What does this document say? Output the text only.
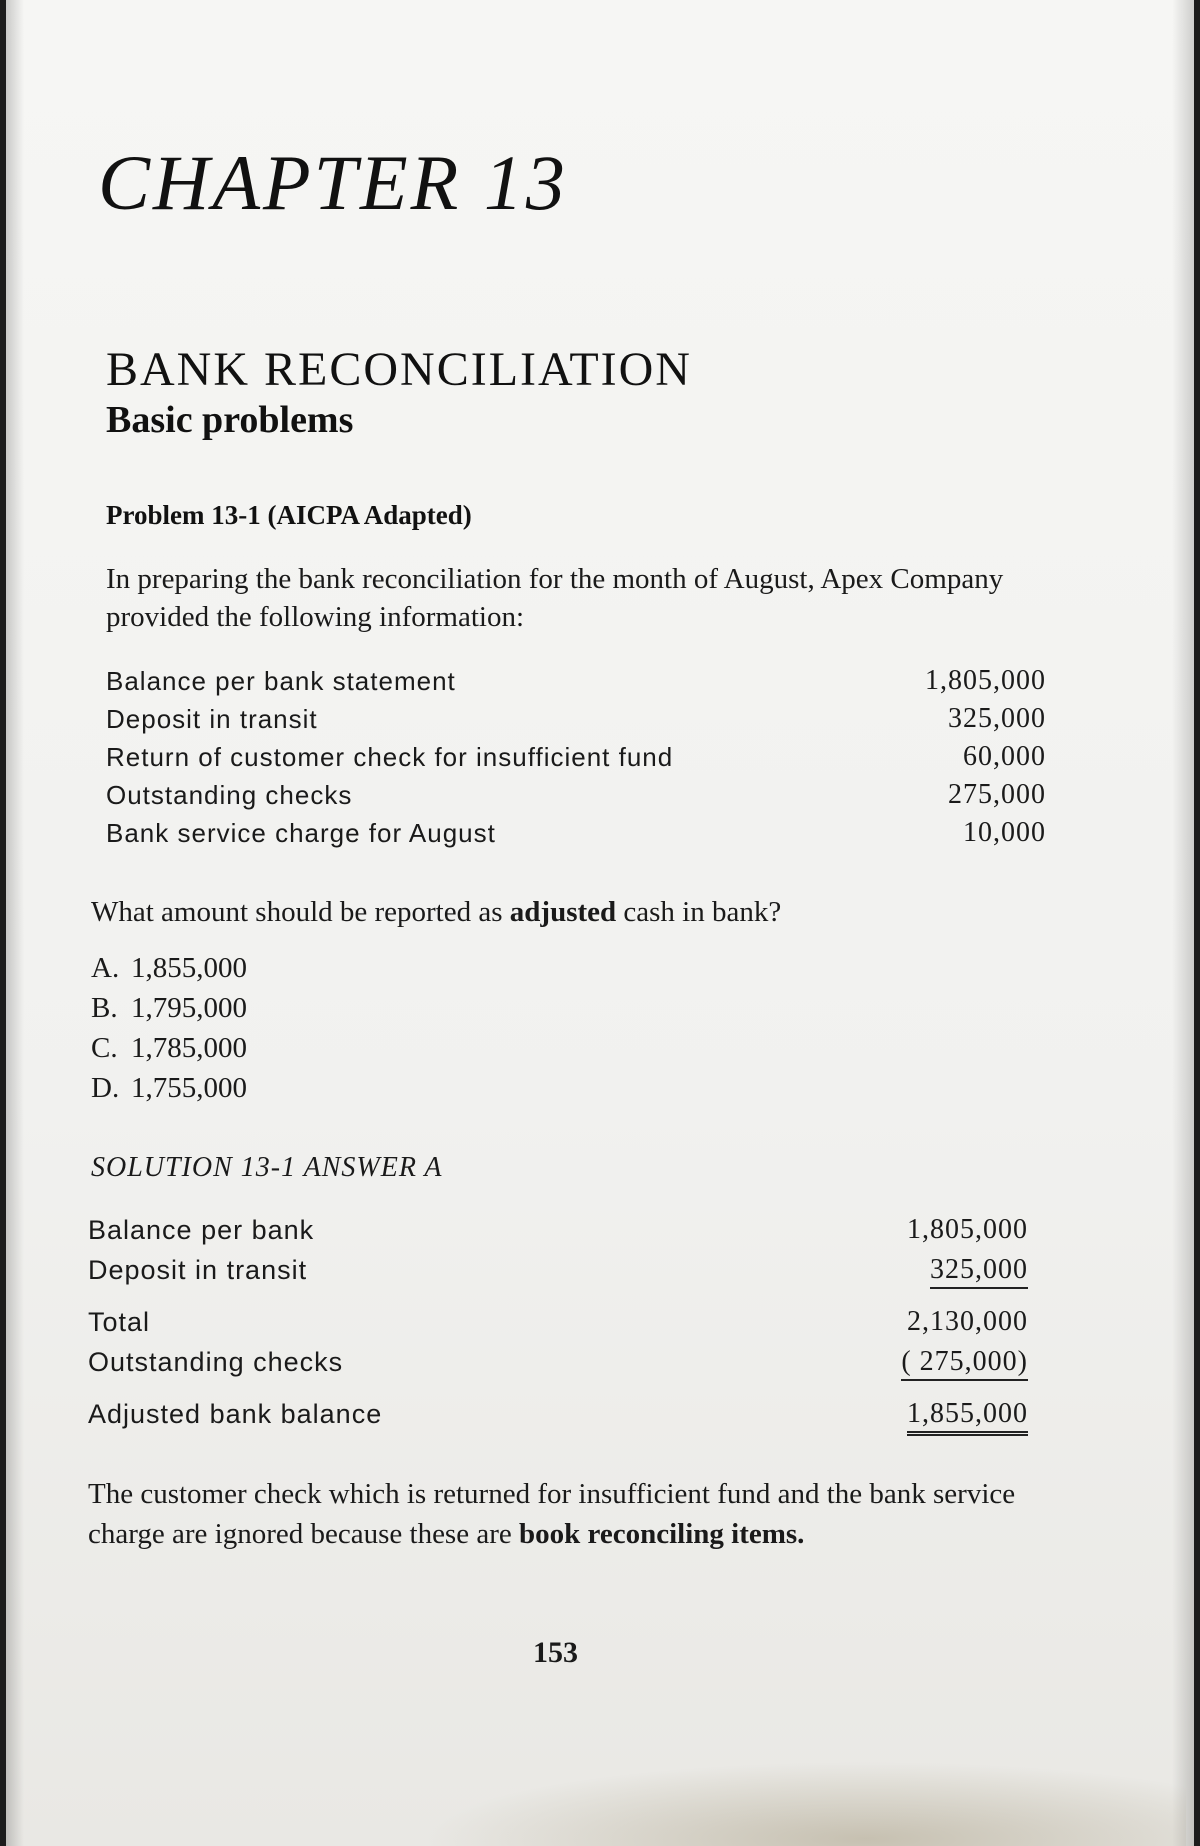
CHAPTER 13
BANK RECONCILIATION
Basic problems
Problem 13-1 (AICPA Adapted)
In preparing the bank reconciliation for the month of August, Apex Company provided the following information:
Balance per bank statement	1,805,000
Deposit in transit	325,000
Return of customer check for insufficient fund	60,000
Outstanding checks	275,000
Bank service charge for August	10,000
What amount should be reported as adjusted cash in bank?
A. 1,855,000
B. 1,795,000
C. 1,785,000
D. 1,755,000
SOLUTION 13-1 ANSWER A
Balance per bank	1,805,000
Deposit in transit	325,000
Total	2,130,000
Outstanding checks	( 275,000)
Adjusted bank balance	1,855,000
The customer check which is returned for insufficient fund and the bank service charge are ignored because these are book reconciling items.
153
